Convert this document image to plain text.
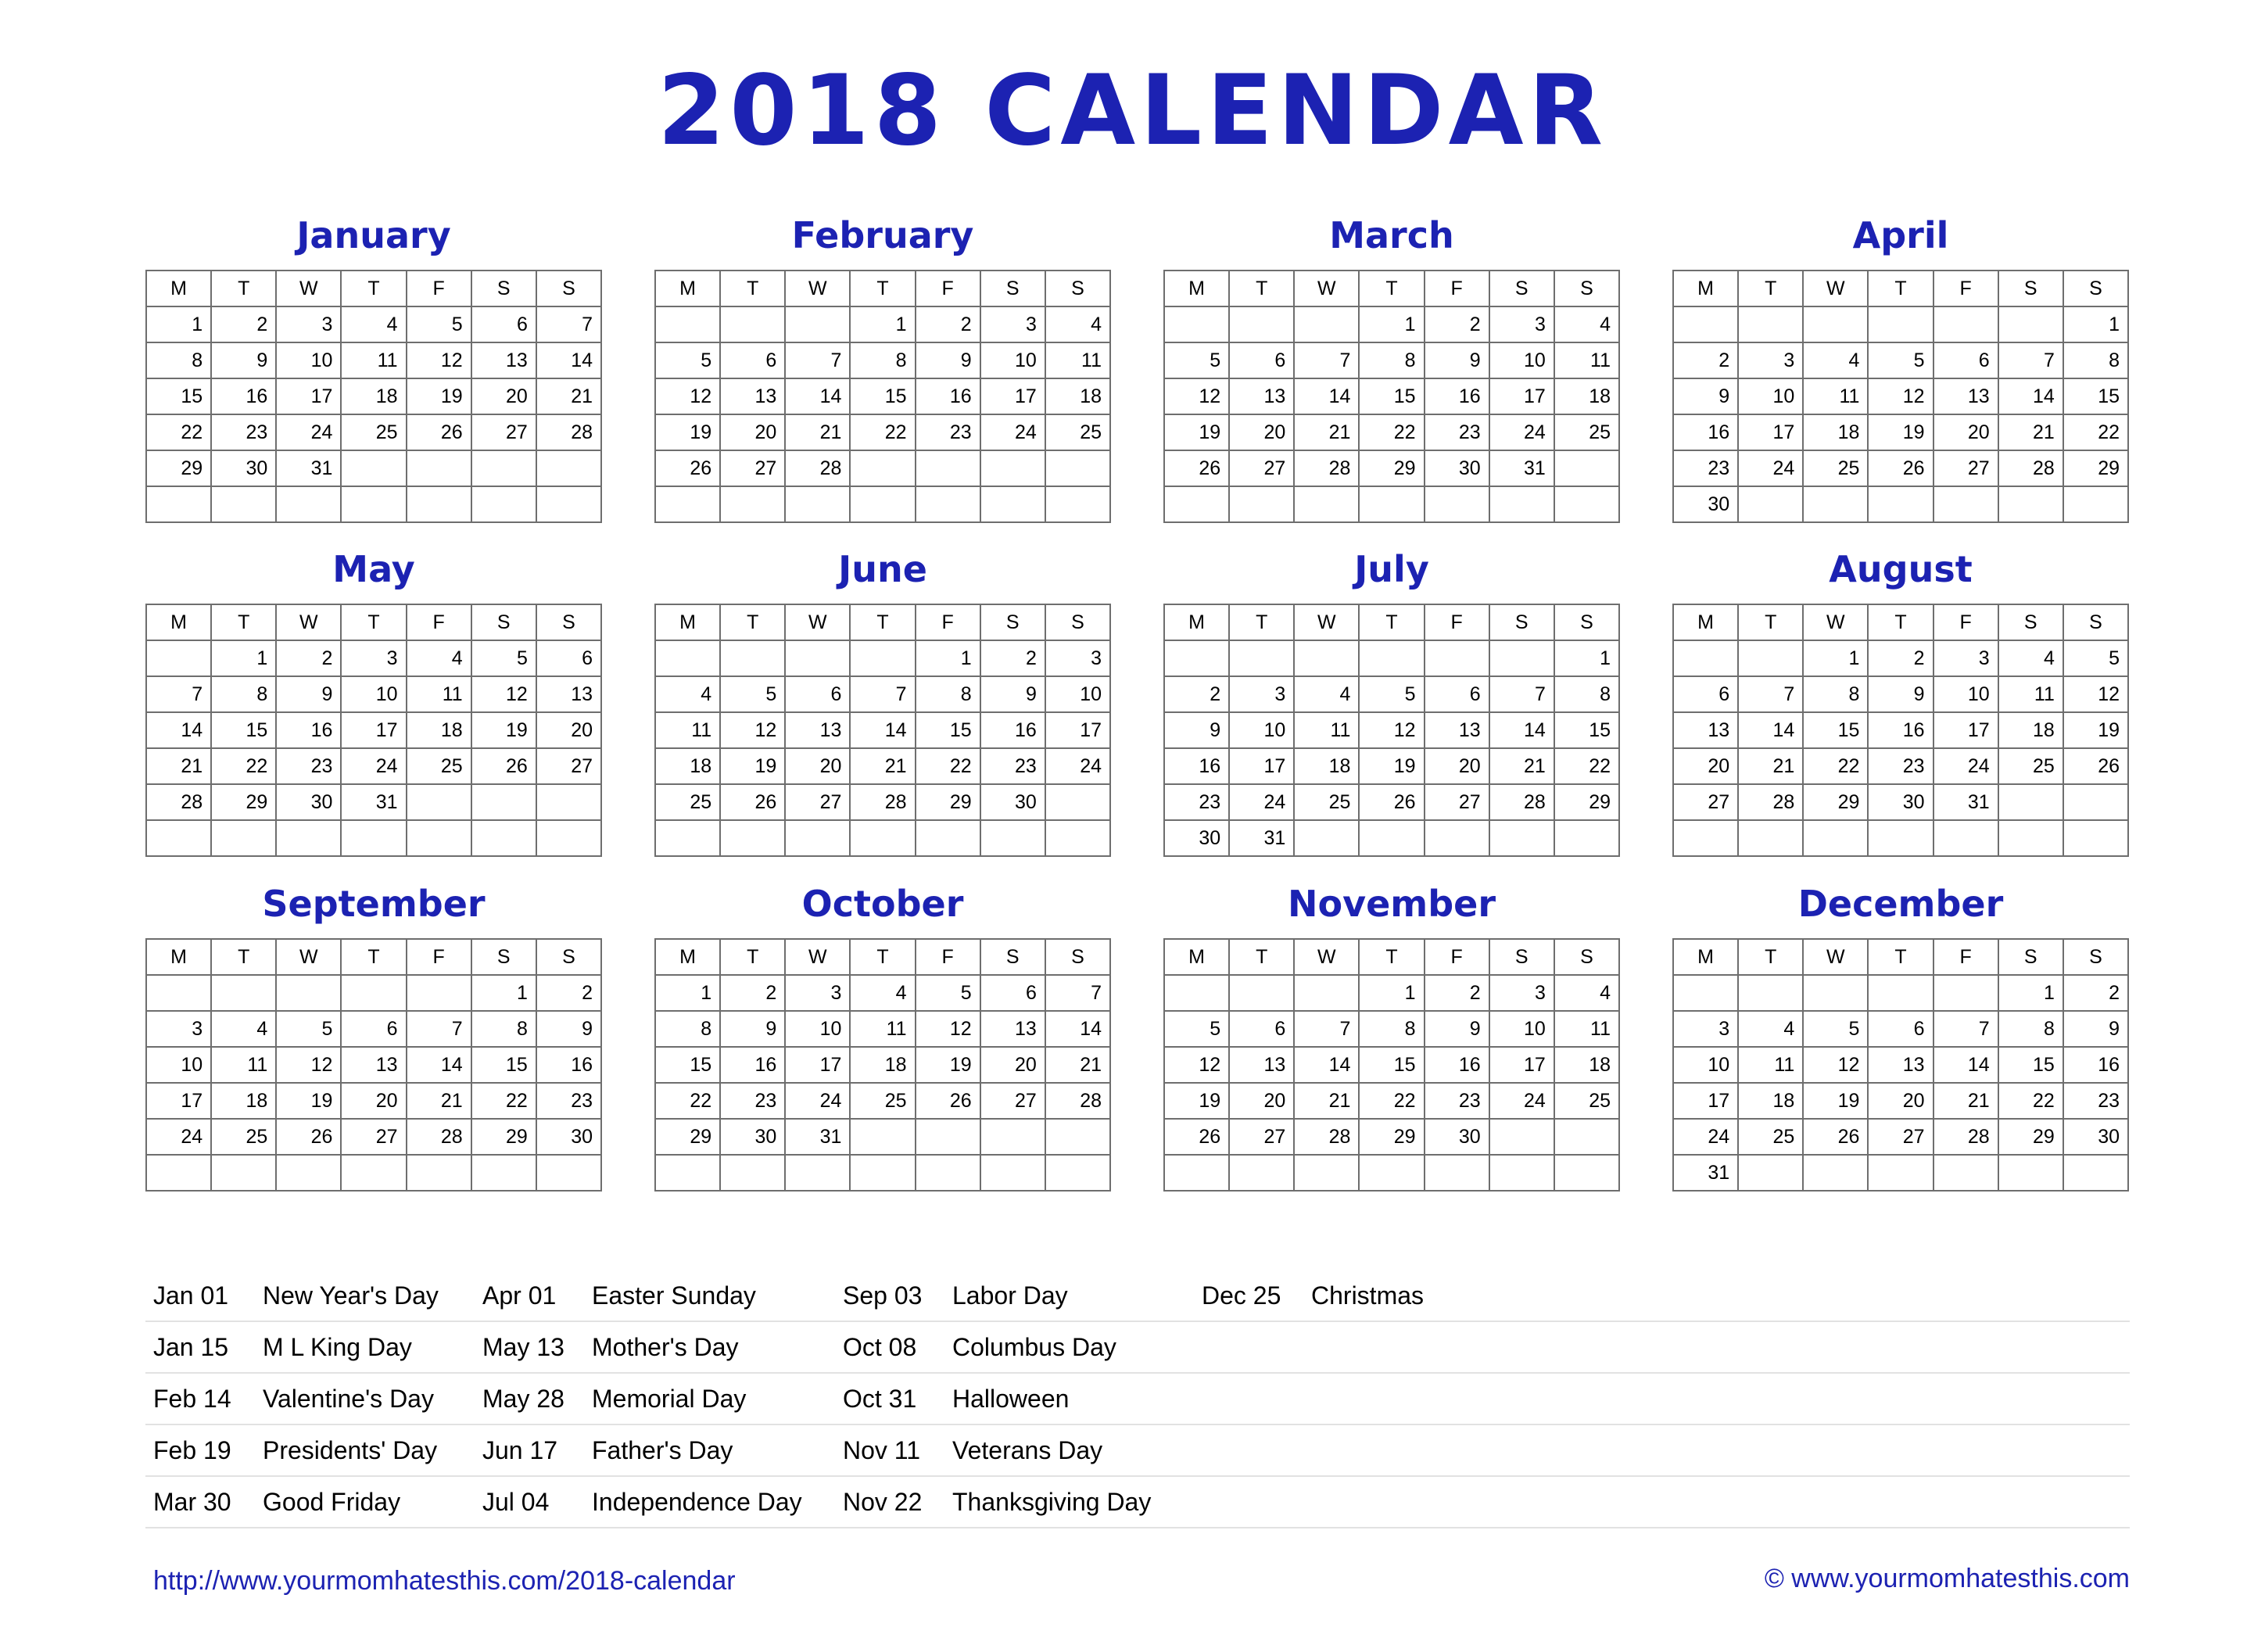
2018 CALENDAR
January
M	T	W	T	F	S	S
1	2	3	4	5	6	7
8	9	10	11	12	13	14
15	16	17	18	19	20	21
22	23	24	25	26	27	28
29	30	31				

February
M	T	W	T	F	S	S
			1	2	3	4
5	6	7	8	9	10	11
12	13	14	15	16	17	18
19	20	21	22	23	24	25
26	27	28				

March
M	T	W	T	F	S	S
			1	2	3	4
5	6	7	8	9	10	11
12	13	14	15	16	17	18
19	20	21	22	23	24	25
26	27	28	29	30	31	

April
M	T	W	T	F	S	S
						1
2	3	4	5	6	7	8
9	10	11	12	13	14	15
16	17	18	19	20	21	22
23	24	25	26	27	28	29
30						
May
M	T	W	T	F	S	S
	1	2	3	4	5	6
7	8	9	10	11	12	13
14	15	16	17	18	19	20
21	22	23	24	25	26	27
28	29	30	31			

June
M	T	W	T	F	S	S
				1	2	3
4	5	6	7	8	9	10
11	12	13	14	15	16	17
18	19	20	21	22	23	24
25	26	27	28	29	30	

July
M	T	W	T	F	S	S
						1
2	3	4	5	6	7	8
9	10	11	12	13	14	15
16	17	18	19	20	21	22
23	24	25	26	27	28	29
30	31					
August
M	T	W	T	F	S	S
		1	2	3	4	5
6	7	8	9	10	11	12
13	14	15	16	17	18	19
20	21	22	23	24	25	26
27	28	29	30	31		

September
M	T	W	T	F	S	S
					1	2
3	4	5	6	7	8	9
10	11	12	13	14	15	16
17	18	19	20	21	22	23
24	25	26	27	28	29	30

October
M	T	W	T	F	S	S
1	2	3	4	5	6	7
8	9	10	11	12	13	14
15	16	17	18	19	20	21
22	23	24	25	26	27	28
29	30	31				

November
M	T	W	T	F	S	S
			1	2	3	4
5	6	7	8	9	10	11
12	13	14	15	16	17	18
19	20	21	22	23	24	25
26	27	28	29	30		

December
M	T	W	T	F	S	S
					1	2
3	4	5	6	7	8	9
10	11	12	13	14	15	16
17	18	19	20	21	22	23
24	25	26	27	28	29	30
31						
Jan 01 New Year's Day Apr 01 Easter Sunday	Sep 03 Labor Day	Dec 25 Christmas
Jan 15 M L King Day	May 13 Mother's Day	Oct 08 Columbus Day
Feb 14 Valentine's Day May 28 Memorial Day	Oct 31 Halloween
Feb 19 Presidents' Day Jun 17 Father's Day	Nov 11 Veterans Day
Mar 30 Good Friday	Jul 04 Independence Day Nov 22 Thanksgiving Day
http://www.yourmomhatesthis.com/2018-calendar	© www.yourmomhatesthis.com
